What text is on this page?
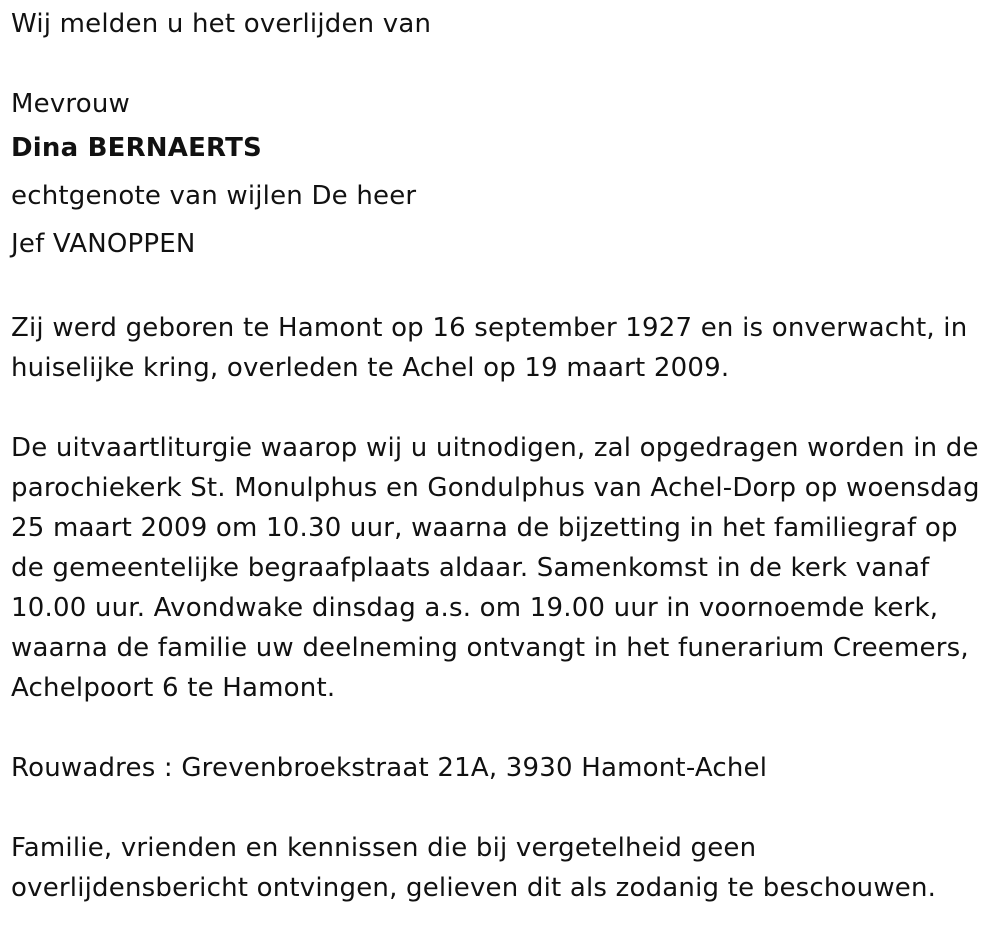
Wij melden u het overlijden van
Mevrouw
Dina BERNAERTS
echtgenote van wijlen De heer
Jef VANOPPEN
Zij werd geboren te Hamont op 16 september 1927 en is onverwacht, in
huiselijke kring, overleden te Achel op 19 maart 2009.
De uitvaartliturgie waarop wij u uitnodigen, zal opgedragen worden in de
parochiekerk St. Monulphus en Gondulphus van Achel-Dorp op woensdag
25 maart 2009 om 10.30 uur, waarna de bijzetting in het familiegraf op
de gemeentelijke begraafplaats aldaar. Samenkomst in de kerk vanaf
10.00 uur. Avondwake dinsdag a.s. om 19.00 uur in voornoemde kerk,
waarna de familie uw deelneming ontvangt in het funerarium Creemers,
Achelpoort 6 te Hamont.
Rouwadres : Grevenbroekstraat 21A, 3930 Hamont-Achel
Familie, vrienden en kennissen die bij vergetelheid geen
overlijdensbericht ontvingen, gelieven dit als zodanig te beschouwen.
